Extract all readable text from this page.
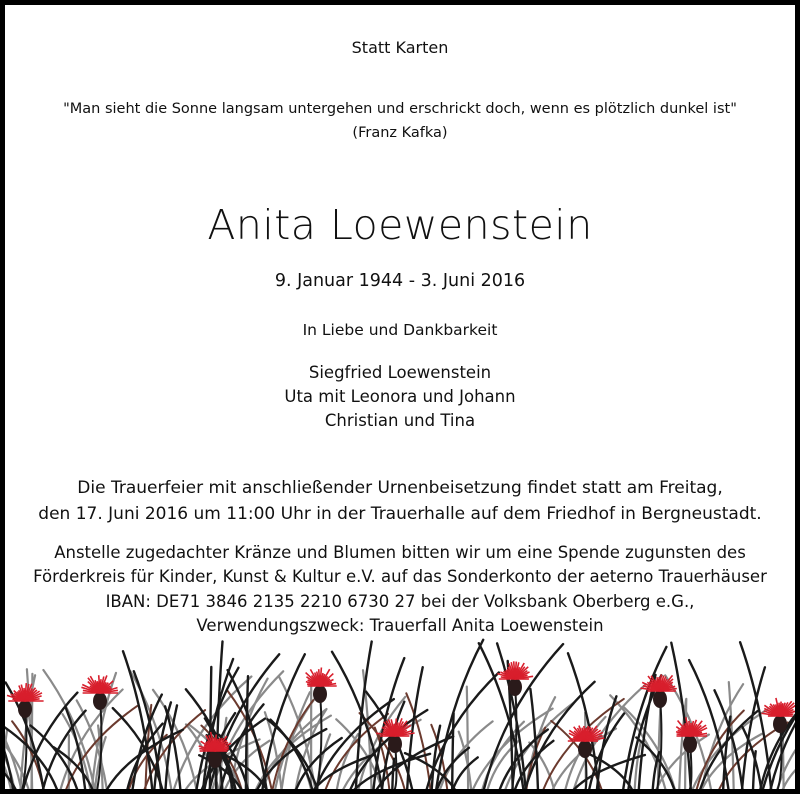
Statt Karten
"Man sieht die Sonne langsam untergehen und erschrickt doch, wenn es plötzlich dunkel ist"
(Franz Kafka)
Anita Loewenstein
9. Januar 1944 - 3. Juni 2016
In Liebe und Dankbarkeit
Siegfried Loewenstein
Uta mit Leonora und Johann
Christian und Tina
Die Trauerfeier mit anschließender Urnenbeisetzung findet statt am Freitag,
den 17. Juni 2016 um 11:00 Uhr in der Trauerhalle auf dem Friedhof in Bergneustadt.
Anstelle zugedachter Kränze und Blumen bitten wir um eine Spende zugunsten des
Förderkreis für Kinder, Kunst & Kultur e.V. auf das Sonderkonto der aeterno Trauerhäuser
IBAN: DE71 3846 2135 2210 6730 27 bei der Volksbank Oberberg e.G.,
Verwendungszweck: Trauerfall Anita Loewenstein
